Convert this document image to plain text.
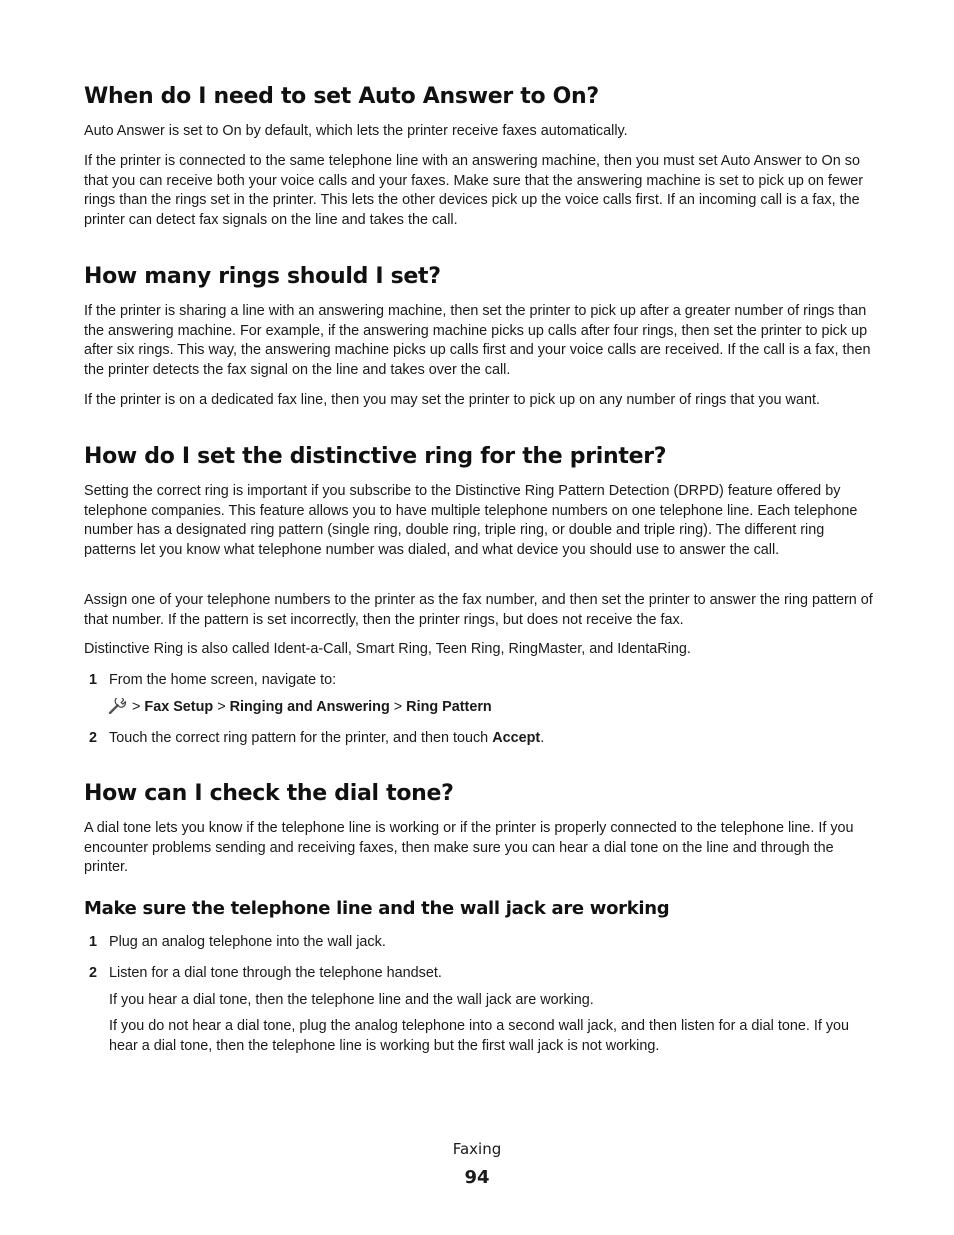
When do I need to set Auto Answer to On?

Auto Answer is set to On by default, which lets the printer receive faxes automatically.

If the printer is connected to the same telephone line with an answering machine, then you must set Auto Answer to On so that you can receive both your voice calls and your faxes. Make sure that the answering machine is set to pick up on fewer rings than the rings set in the printer. This lets the other devices pick up the voice calls first. If an incoming call is a fax, the printer can detect fax signals on the line and takes the call.

How many rings should I set?

If the printer is sharing a line with an answering machine, then set the printer to pick up after a greater number of rings than the answering machine. For example, if the answering machine picks up calls after four rings, then set the printer to pick up after six rings. This way, the answering machine picks up calls first and your voice calls are received. If the call is a fax, then the printer detects the fax signal on the line and takes over the call.

If the printer is on a dedicated fax line, then you may set the printer to pick up on any number of rings that you want.

How do I set the distinctive ring for the printer?

Setting the correct ring is important if you subscribe to the Distinctive Ring Pattern Detection (DRPD) feature offered by telephone companies. This feature allows you to have multiple telephone numbers on one telephone line. Each telephone number has a designated ring pattern (single ring, double ring, triple ring, or double and triple ring). The different ring patterns let you know what telephone number was dialed, and what device you should use to answer the call.

Assign one of your telephone numbers to the printer as the fax number, and then set the printer to answer the ring pattern of that number. If the pattern is set incorrectly, then the printer rings, but does not receive the fax.

Distinctive Ring is also called Ident-a-Call, Smart Ring, Teen Ring, RingMaster, and IdentaRing.

1 From the home screen, navigate to:
> Fax Setup > Ringing and Answering > Ring Pattern
2 Touch the correct ring pattern for the printer, and then touch Accept.
How can I check the dial tone?

A dial tone lets you know if the telephone line is working or if the printer is properly connected to the telephone line. If you encounter problems sending and receiving faxes, then make sure you can hear a dial tone on the line and through the printer.

Make sure the telephone line and the wall jack are working
1 Plug an analog telephone into the wall jack.
2 Listen for a dial tone through the telephone handset.

If you hear a dial tone, then the telephone line and the wall jack are working.

If you do not hear a dial tone, plug the analog telephone into a second wall jack, and then listen for a dial tone. If you hear a dial tone, then the telephone line is working but the first wall jack is not working.

Faxing
94
